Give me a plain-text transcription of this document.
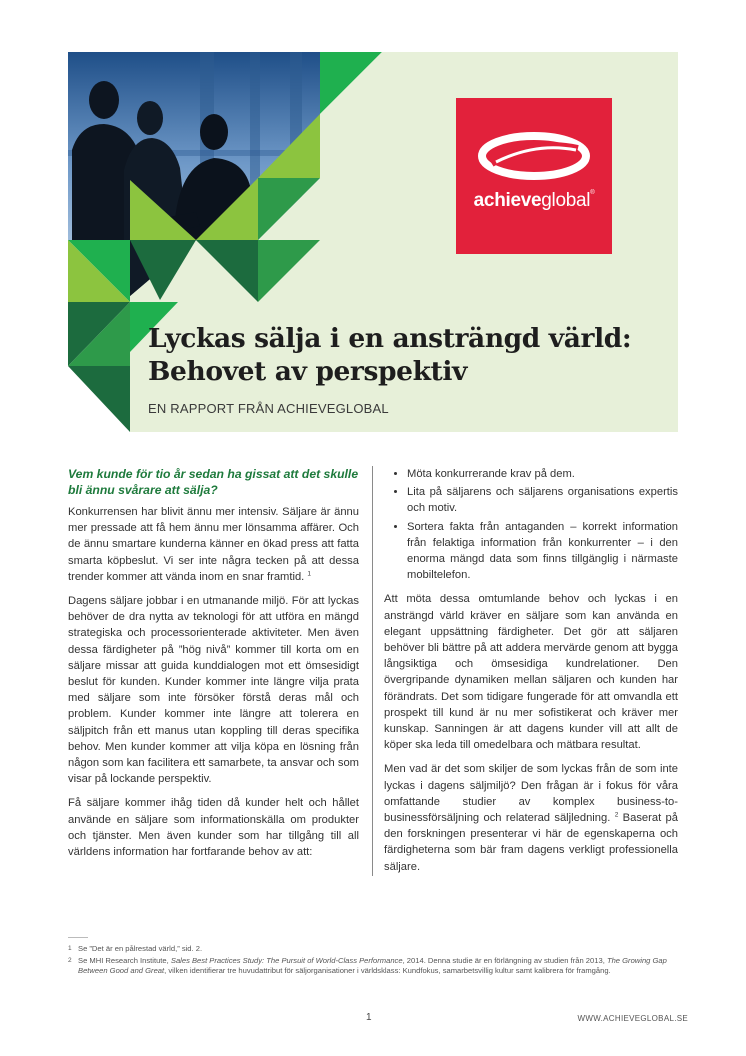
achieveglobal®
Lyckas sälja i en ansträngd värld:
Behovet av perspektiv
EN RAPPORT FRÅN ACHIEVEGLOBAL

Vem kunde för tio år sedan ha gissat att det skulle bli ännu svårare att sälja?

Konkurrensen har blivit ännu mer intensiv. Säljare är ännu mer pressade att få hem ännu mer lönsamma affärer. Och de ännu smartare kunderna känner en ökad press att fatta smarta köpbeslut. Vi ser inte några tecken på att dessa trender kommer att vända inom en snar framtid. $^1$

Dagens säljare jobbar i en utmanande miljö. För att lyckas behöver de dra nytta av teknologi för att utföra en mängd strategiska och processorienterade aktiviteter. Men även dessa färdigheter på ”hög nivå” kommer till korta om en säljare missar att guida kunddialogen mot ett ömsesidigt beslut för kunden. Kunder kommer inte längre vilja prata med säljare som inte försöker förstå deras mål och problem. Kunder kommer inte längre att tolerera en säljpitch från ett manus utan koppling till deras specifika behov. Men kunder kommer att vilja köpa en lösning från någon som kan facilitera ett samarbete, ta ansvar och som visar på lockande perspektiv.

Få säljare kommer ihåg tiden då kunder helt och hållet använde en säljare som informationskälla om produkter och tjänster. Men även kunder som har tillgång till all världens information har fortfarande behov av att:

• Möta konkurrerande krav på dem.
• Lita på säljarens och säljarens organisations expertis och motiv.
• Sortera fakta från antaganden – korrekt information från felaktiga information från konkurrenter – i den enorma mängd data som finns tillgänglig i närmaste mobiltelefon.

Att möta dessa omtumlande behov och lyckas i en ansträngd värld kräver en säljare som kan använda en elegant uppsättning färdigheter. Det gör att säljaren behöver bli bättre på att addera mervärde genom att bygga långsiktiga och ömsesidiga kundrelationer. Den övergripande dynamiken mellan säljaren och kunden har förändrats. Det som tidigare fungerade för att omvandla ett prospekt till kund är nu mer sofistikerat och kräver mer kunskap. Sanningen är att dagens kunder vill att allt de köper ska leda till omedelbara och mätbara resultat.

Men vad är det som skiljer de som lyckas från de som inte lyckas i dagens säljmiljö? Den frågan är i fokus för våra omfattande studier av komplex business-to-businessförsäljning och relaterad säljledning. $^2$ Baserat på den forskningen presenterar vi här de egenskaperna och färdigheterna som bär fram dagens verkligt professionella säljare.

1 Se ”Det är en pålrestad värld,” sid. 2.
2 Se MHI Research Institute, Sales Best Practices Study: The Pursuit of World-Class Performance, 2014. Denna studie är en förlängning av studien från 2013, The Growing Gap Between Good and Great, vilken identifierar tre huvudattribut för säljorganisationer i världsklass: Kundfokus, samarbetsvillig kultur samt kalibrera för framgång.
1	WWW.ACHIEVEGLOBAL.SE
